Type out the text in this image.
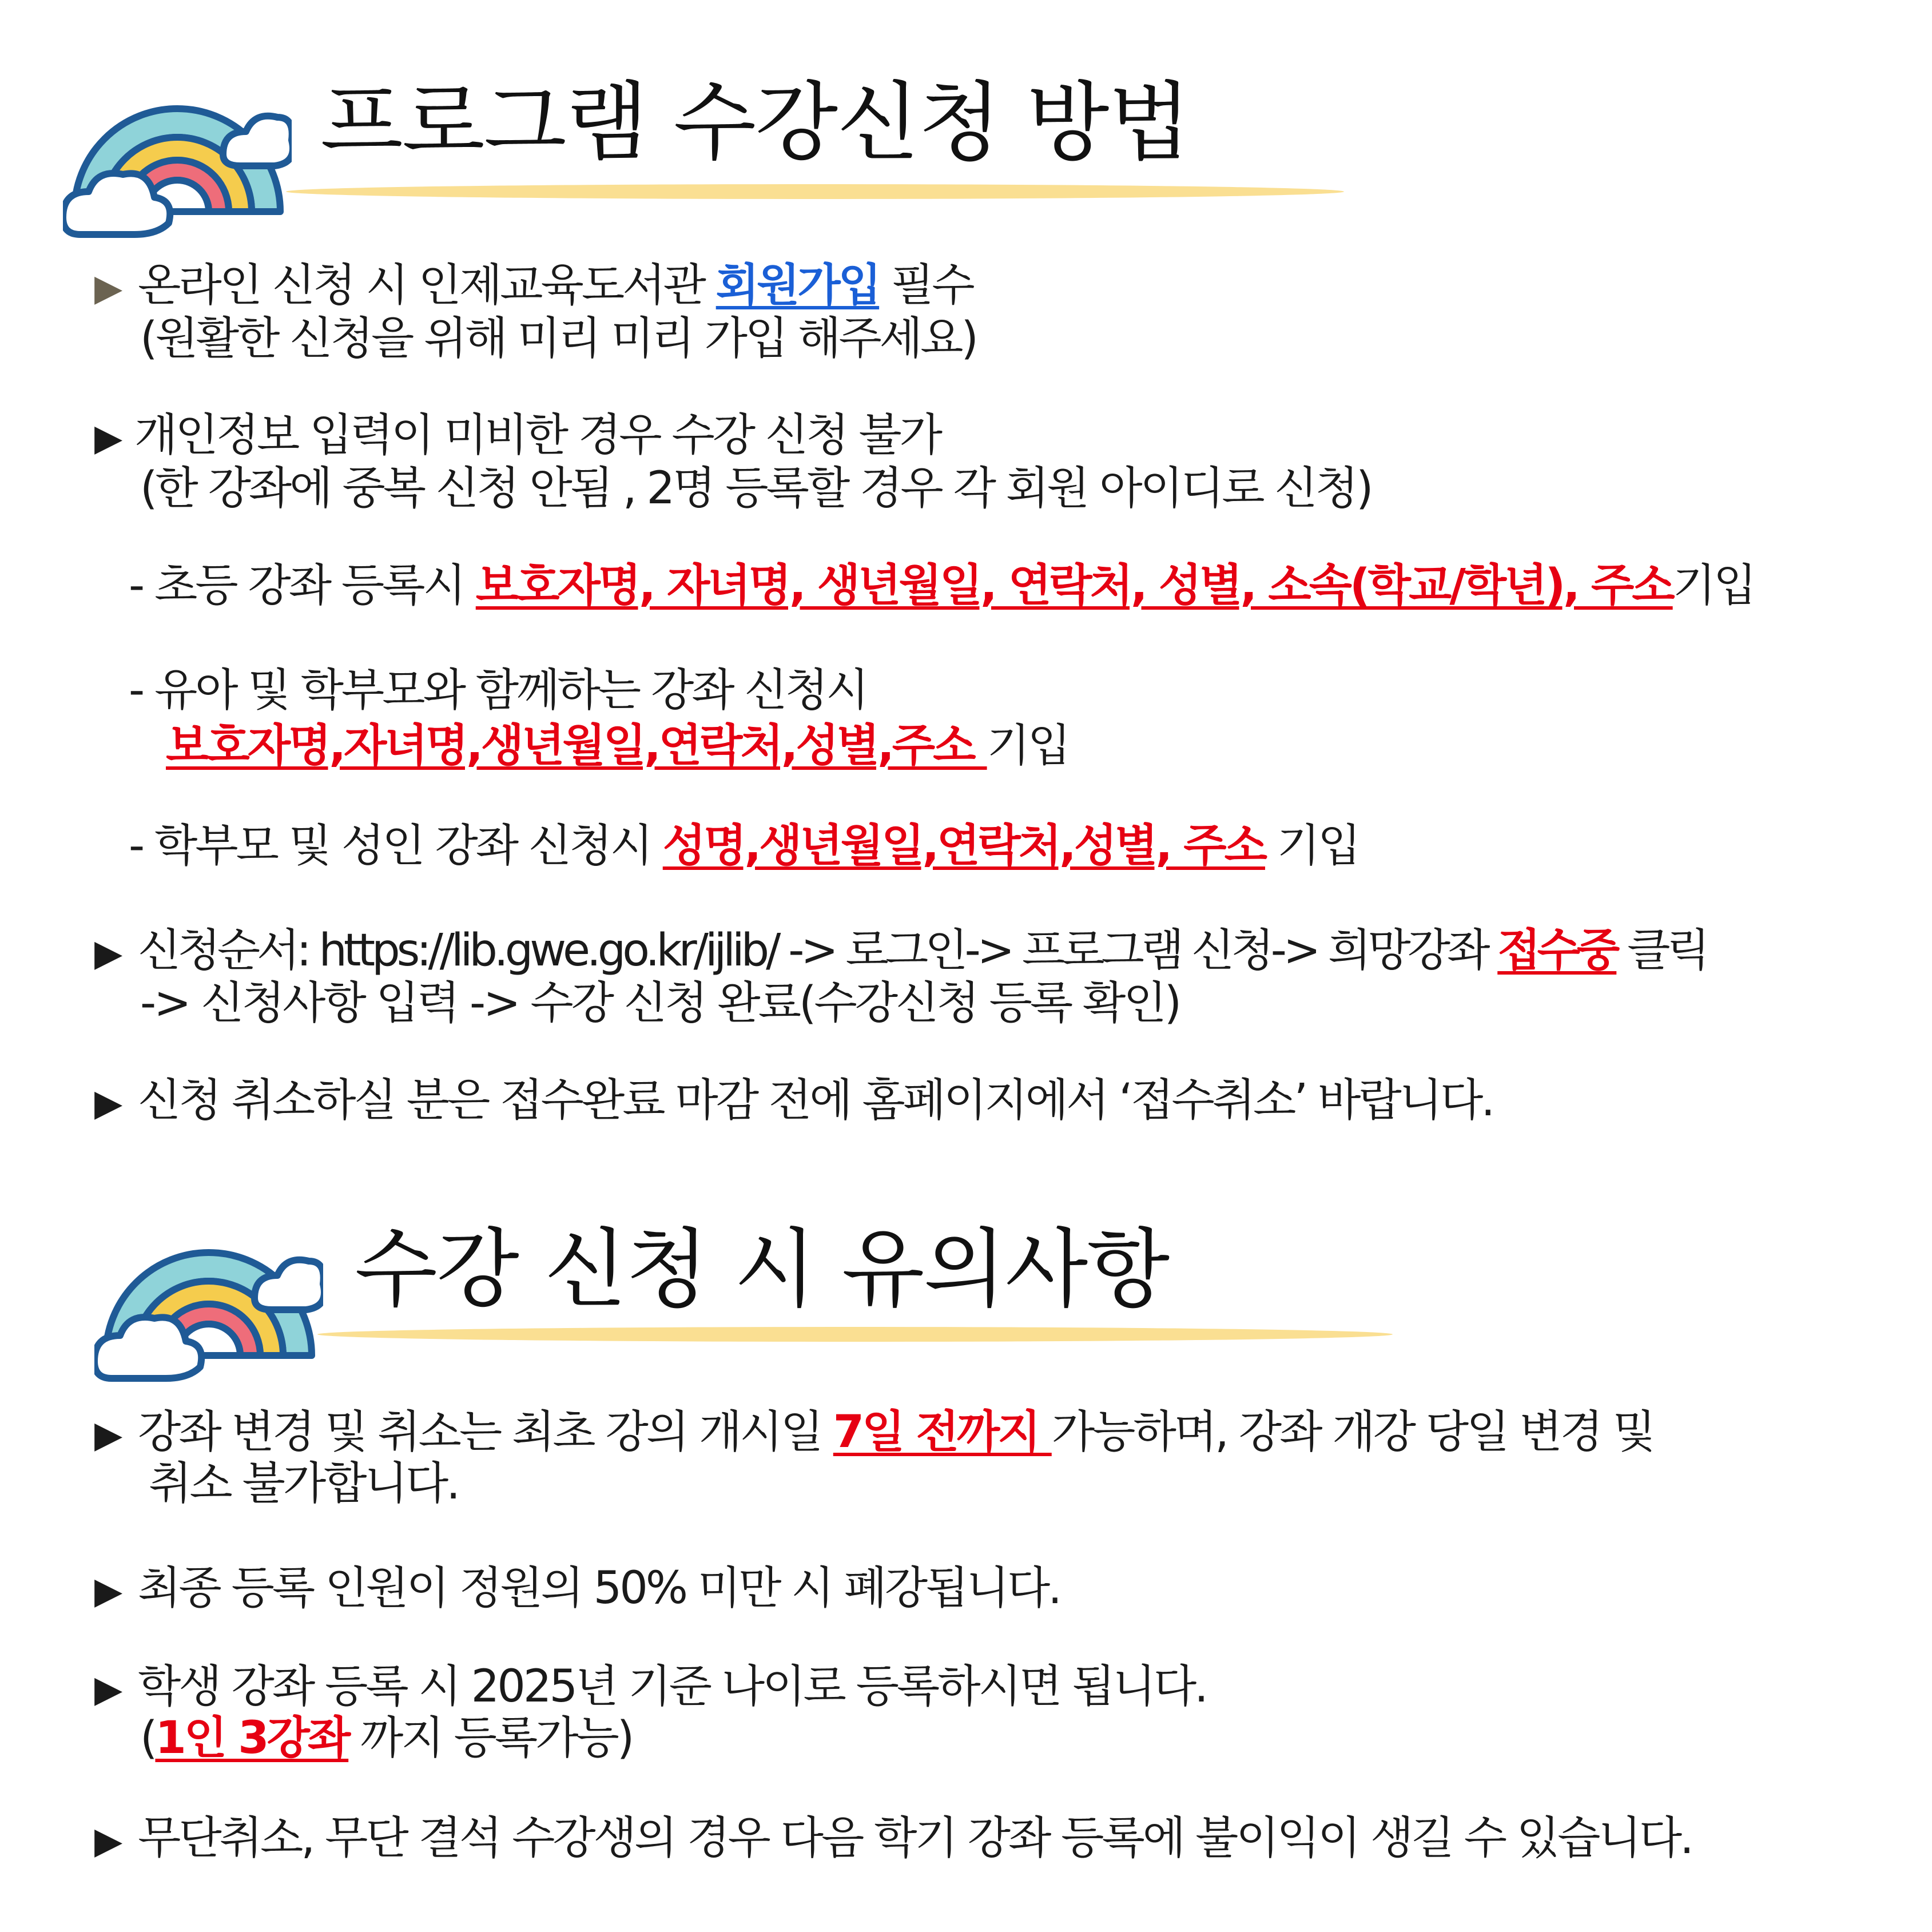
프로그램 수강신청 방법

▶ 온라인 신청 시 인제교육도서관 회원가입 필수

(원활한 신청을 위해 미리 미리 가입 해주세요)

▶ 개인정보 입력이 미비한 경우 수강 신청 불가

(한 강좌에 중복 신청 안됨 , 2명 등록할 경우 각 회원 아이디로 신청)

- 초등 강좌 등록시 보호자명, 자녀명, 생년월일, 연락처, 성별, 소속(학교/학년), 주소기입

- 유아 및 학부모와 함께하는 강좌 신청시

보호자명,자녀명,생년월일,연락처,성별,주소 기입

- 학부모 및 성인 강좌 신청시 성명,생년월일,연락처,성별, 주소 기입

▶ 신청순서: https://lib.gwe.go.kr/ijlib/ -> 로그인-> 프로그램 신청-> 희망강좌 접수중 클릭

-> 신청사항 입력 -> 수강 신청 완료(수강신청 등록 확인)

▶ 신청 취소하실 분은 접수완료 마감 전에 홈페이지에서 ‘접수취소’ 바랍니다.

수강 신청 시 유의사항

▶ 강좌 변경 및 취소는 최초 강의 개시일 7일 전까지 가능하며, 강좌 개강 당일 변경 및

취소 불가합니다.

▶ 최종 등록 인원이 정원의 50% 미만 시 폐강됩니다.

▶ 학생 강좌 등록 시 2025년 기준 나이로 등록하시면 됩니다.

(1인 3강좌 까지 등록가능)

▶ 무단취소, 무단 결석 수강생의 경우 다음 학기 강좌 등록에 불이익이 생길 수 있습니다.
